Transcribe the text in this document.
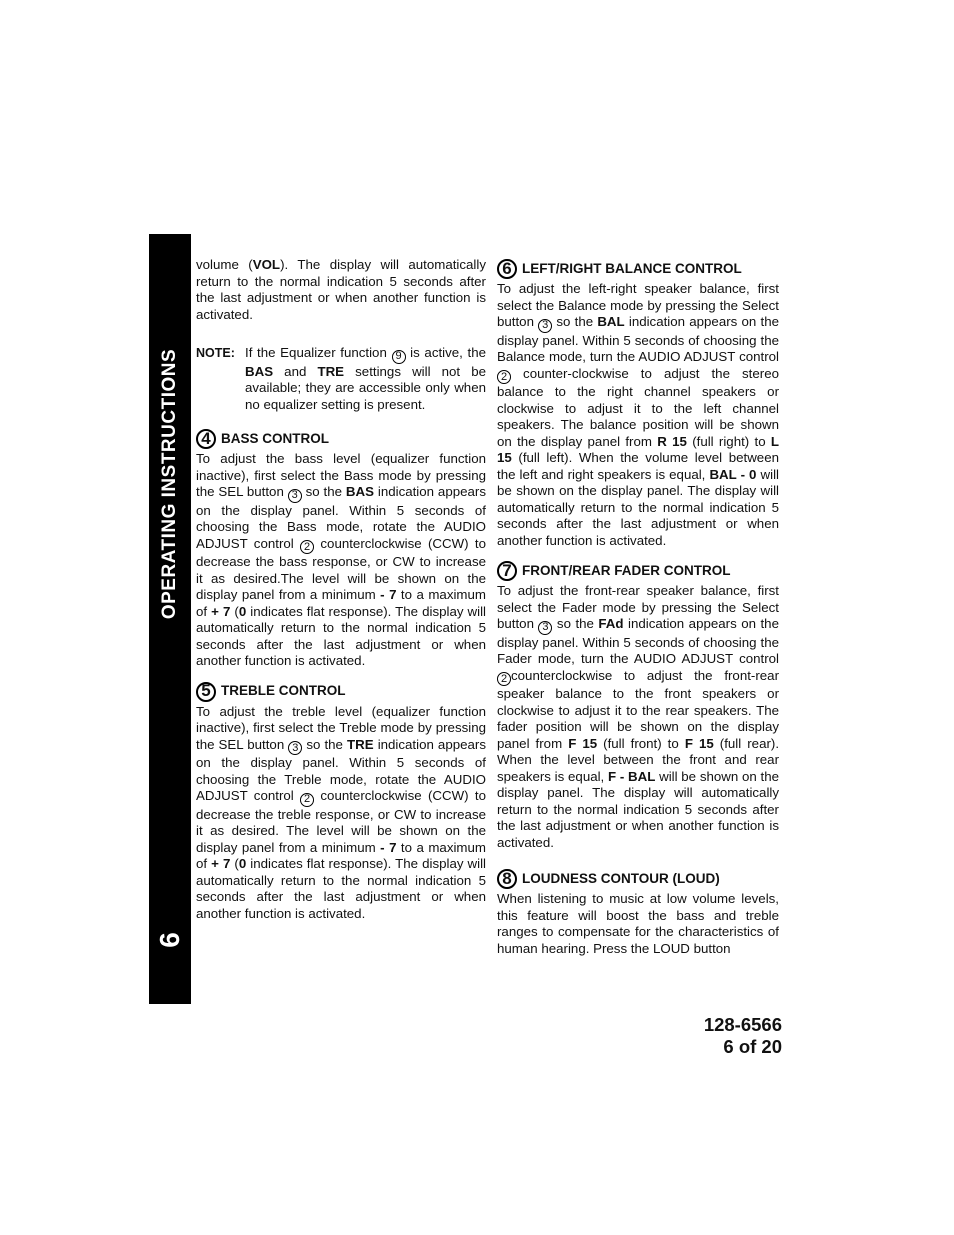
OPERATING INSTRUCTIONS
6

volume (VOL). The display will automatically return to the normal indication 5 seconds after the last adjustment or when another function is activated.

NOTE: If the Equalizer function 9 is active, the BAS and TRE settings will not be available; they are accessible only when no equalizer setting is present.
4 BASS CONTROL

To adjust the bass level (equalizer function inactive), first select the Bass mode by pressing the SEL button 3 so the BAS indication appears on the display panel. Within 5 seconds of choosing the Bass mode, rotate the AUDIO ADJUST control 2 counterclockwise (CCW) to decrease the bass response, or CW to increase it as desired.The level will be shown on the display panel from a minimum - 7 to a maximum of + 7 (0 indicates flat response). The display will automatically return to the normal indication 5 seconds after the last adjustment or when another function is activated.

5 TREBLE CONTROL

To adjust the treble level (equalizer function inactive), first select the Treble mode by pressing the SEL button 3 so the TRE indication appears on the display panel. Within 5 seconds of choosing the Treble mode, rotate the AUDIO ADJUST control 2 counterclockwise (CCW) to decrease the treble response, or CW to increase it as desired. The level will be shown on the display panel from a minimum - 7 to a maximum of + 7 (0 indicates flat response). The display will automatically return to the normal indication 5 seconds after the last adjustment or when another function is activated.

6 LEFT/RIGHT BALANCE CONTROL

To adjust the left-right speaker balance, first select the Balance mode by pressing the Select button 3 so the BAL indication appears on the display panel. Within 5 seconds of choosing the Balance mode, turn the AUDIO ADJUST control 2 counter-clockwise to adjust the stereo balance to the right channel speakers or clockwise to adjust it to the left channel speakers. The balance position will be shown on the display panel from R 15 (full right) to L 15 (full left). When the volume level between the left and right speakers is equal, BAL - 0 will be shown on the display panel. The display will automatically return to the normal indication 5 seconds after the last adjustment or when another function is activated.

7 FRONT/REAR FADER CONTROL

To adjust the front-rear speaker balance, first select the Fader mode by pressing the Select button 3 so the FAd indication appears on the display panel. Within 5 seconds of choosing the Fader mode, turn the AUDIO ADJUST control 2 counterclockwise to adjust the front-rear speaker balance to the front speakers or clockwise to adjust it to the rear speakers. The fader position will be shown on the display panel from F 15 (full front) to F 15 (full rear). When the level between the front and rear speakers is equal, F - BAL will be shown on the display panel. The display will automatically return to the normal indication 5 seconds after the last adjustment or when another function is activated.

8 LOUDNESS CONTOUR (LOUD)

When listening to music at low volume levels, this feature will boost the bass and treble ranges to compensate for the characteristics of human hearing. Press the LOUD button

128-6566
6 of 20
